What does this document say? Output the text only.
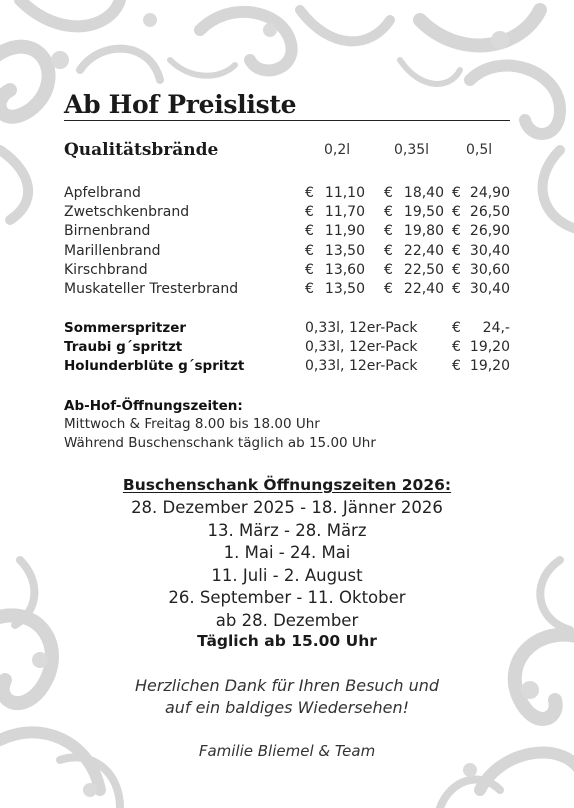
Ab Hof Preisliste
Qualitätsbrände	0,2l	0,35l	0,5l
Apfelbrand	€ 11,10 € 18,40 € 24,90
Zwetschkenbrand	€ 11,70 € 19,50 € 26,50
Birnenbrand	€ 11,90 € 19,80 € 26,90
Marillenbrand	€ 13,50 € 22,40 € 30,40
Kirschbrand	€ 13,60 € 22,50 € 30,60
Muskateller Tresterbrand	€ 13,50 € 22,40 € 30,40
Sommerspritzer	0,33l, 12er-Pack € 24,-
Traubi g´spritzt	0,33l, 12er-Pack € 19,20
Holunderblüte g´spritzt	0,33l, 12er-Pack € 19,20
Ab-Hof-Öffnungszeiten:
Mittwoch & Freitag 8.00 bis 18.00 Uhr
Während Buschenschank täglich ab 15.00 Uhr
Buschenschank Öffnungszeiten 2026:
28. Dezember 2025 - 18. Jänner 2026
13. März - 28. März
1. Mai - 24. Mai
11. Juli - 2. August
26. September - 11. Oktober
ab 28. Dezember
Täglich ab 15.00 Uhr
Herzlichen Dank für Ihren Besuch und
auf ein baldiges Wiedersehen!
Familie Bliemel & Team
